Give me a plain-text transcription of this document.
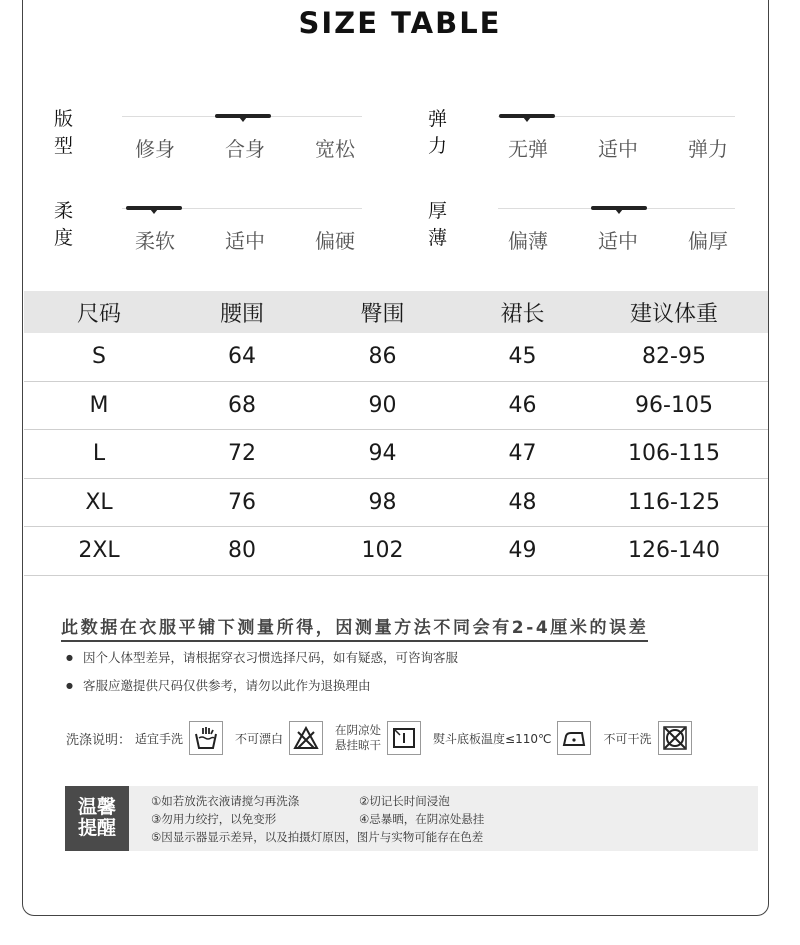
SIZE TABLE
版型	修身	合身	宽松
弹力	无弹	适中	弹力
柔度	柔软	适中	偏硬
厚薄	偏薄	适中	偏厚
尺码	腰围	臀围	裙长	建议体重
S	64	86	45	82-95
M	68	90	46	96-105
L	72	94	47	106-115
XL	76	98	48	116-125
2XL	80	102	49	126-140
此数据在衣服平铺下测量所得，因测量方法不同会有2-4厘米的误差
● 因个人体型差异，请根据穿衣习惯选择尺码，如有疑惑，可咨询客服
● 客服应邀提供尺码仅供参考，请勿以此作为退换理由
洗涤说明： 适宜手洗	不可漂白
在阴凉处
悬挂晾干	熨斗底板温度≤110℃	不可干洗
温馨
提醒
①如若放洗衣液请搅匀再洗涤	②切记长时间浸泡
③勿用力绞拧，以免变形	④忌暴晒，在阴凉处悬挂
⑤因显示器显示差异，以及拍摄灯原因，图片与实物可能存在色差
